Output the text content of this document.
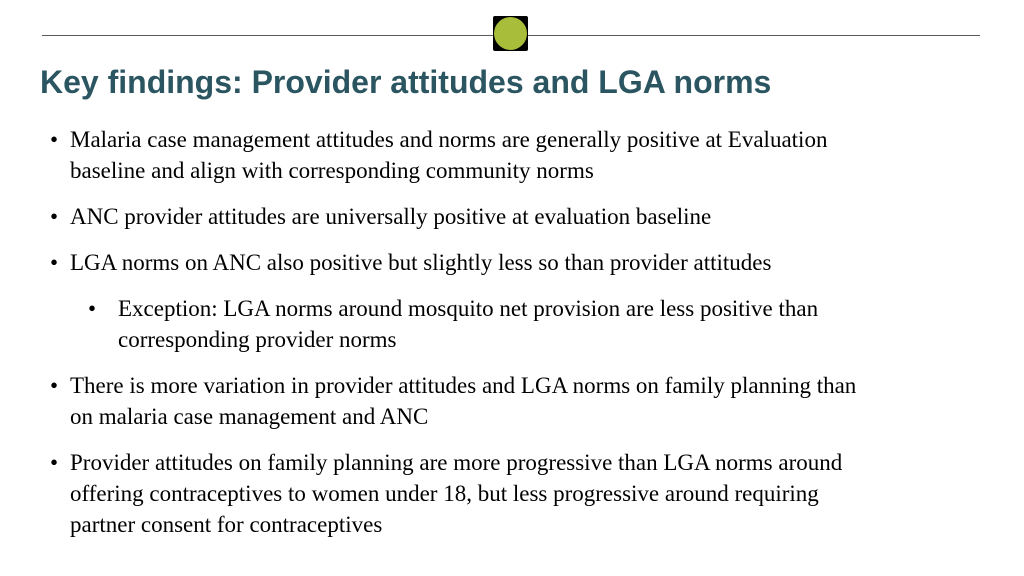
Key findings: Provider attitudes and LGA norms
• Malaria case management attitudes and norms are generally positive at Evaluation baseline and align with corresponding community norms
• ANC provider attitudes are universally positive at evaluation baseline
• LGA norms on ANC also positive but slightly less so than provider attitudes
• Exception: LGA norms around mosquito net provision are less positive than corresponding provider norms
• There is more variation in provider attitudes and LGA norms on family planning than on malaria case management and ANC
• Provider attitudes on family planning are more progressive than LGA norms around offering contraceptives to women under 18, but less progressive around requiring partner consent for contraceptives
